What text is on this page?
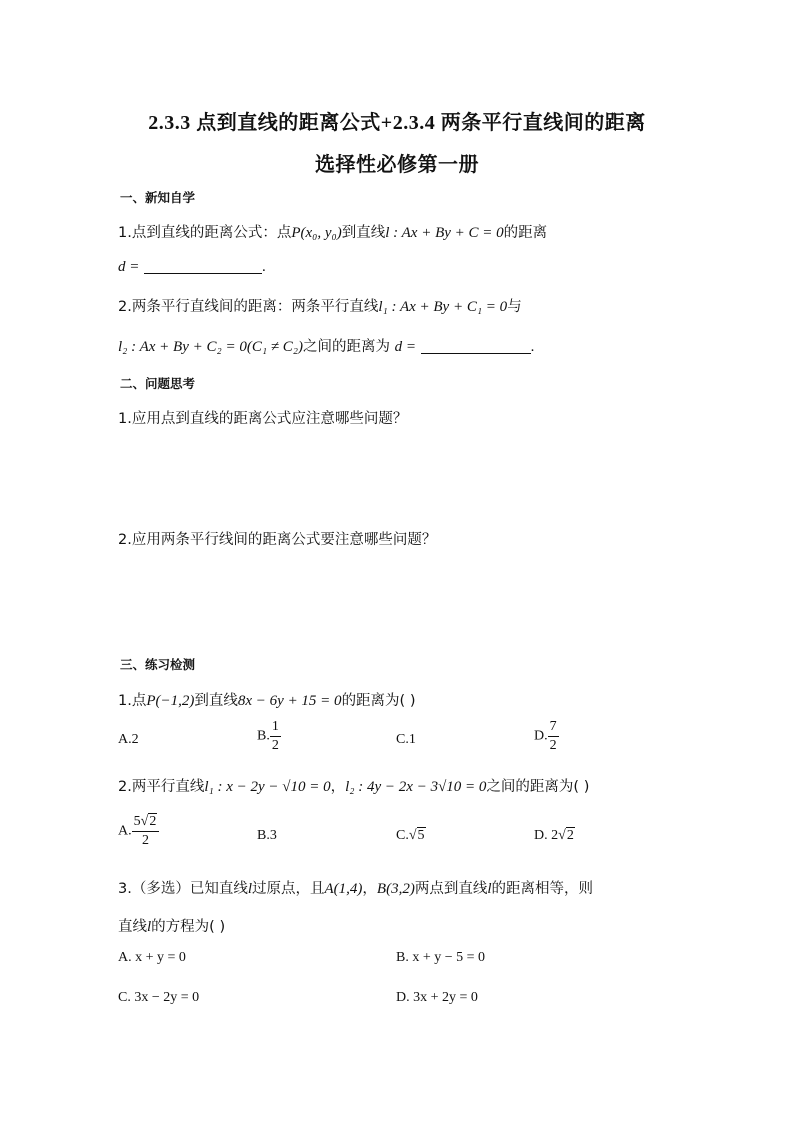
2.3.3 点到直线的距离公式+2.3.4 两条平行直线间的距离
选择性必修第一册
一、新知自学
1.点到直线的距离公式：点P(x₀, y₀)到直线l : Ax + By + C = 0的距离
d =	.
2.两条平行直线间的距离：两条平行直线l₁ : Ax + By + C₁ = 0与
l₂ : Ax + By + C₂ = 0(C₁ ≠ C₂)之间的距离为 d =	.
二、问题思考
1.应用点到直线的距离公式应注意哪些问题？
2.应用两条平行线间的距离公式要注意哪些问题？
三、练习检测
1.点P(−1,2)到直线8x − 6y + 15 = 0的距离为( )
A.2	B. $\frac{1}{2}$	C.1	D. $\frac{7}{2}$
2.两平行直线l₁ : x − 2y − √10 = 0，l₂ : 4y − 2x − 3√10 = 0之间的距离为( )
A. $\frac{5√2}{2}$	B.3	C.√5	D. 2√2
3.（多选）已知直线l过原点，且A(1,4)，B(3,2)两点到直线l的距离相等，则
直线l的方程为( )
A. x + y = 0	B. x + y − 5 = 0
C. 3x − 2y = 0	D. 3x + 2y = 0
